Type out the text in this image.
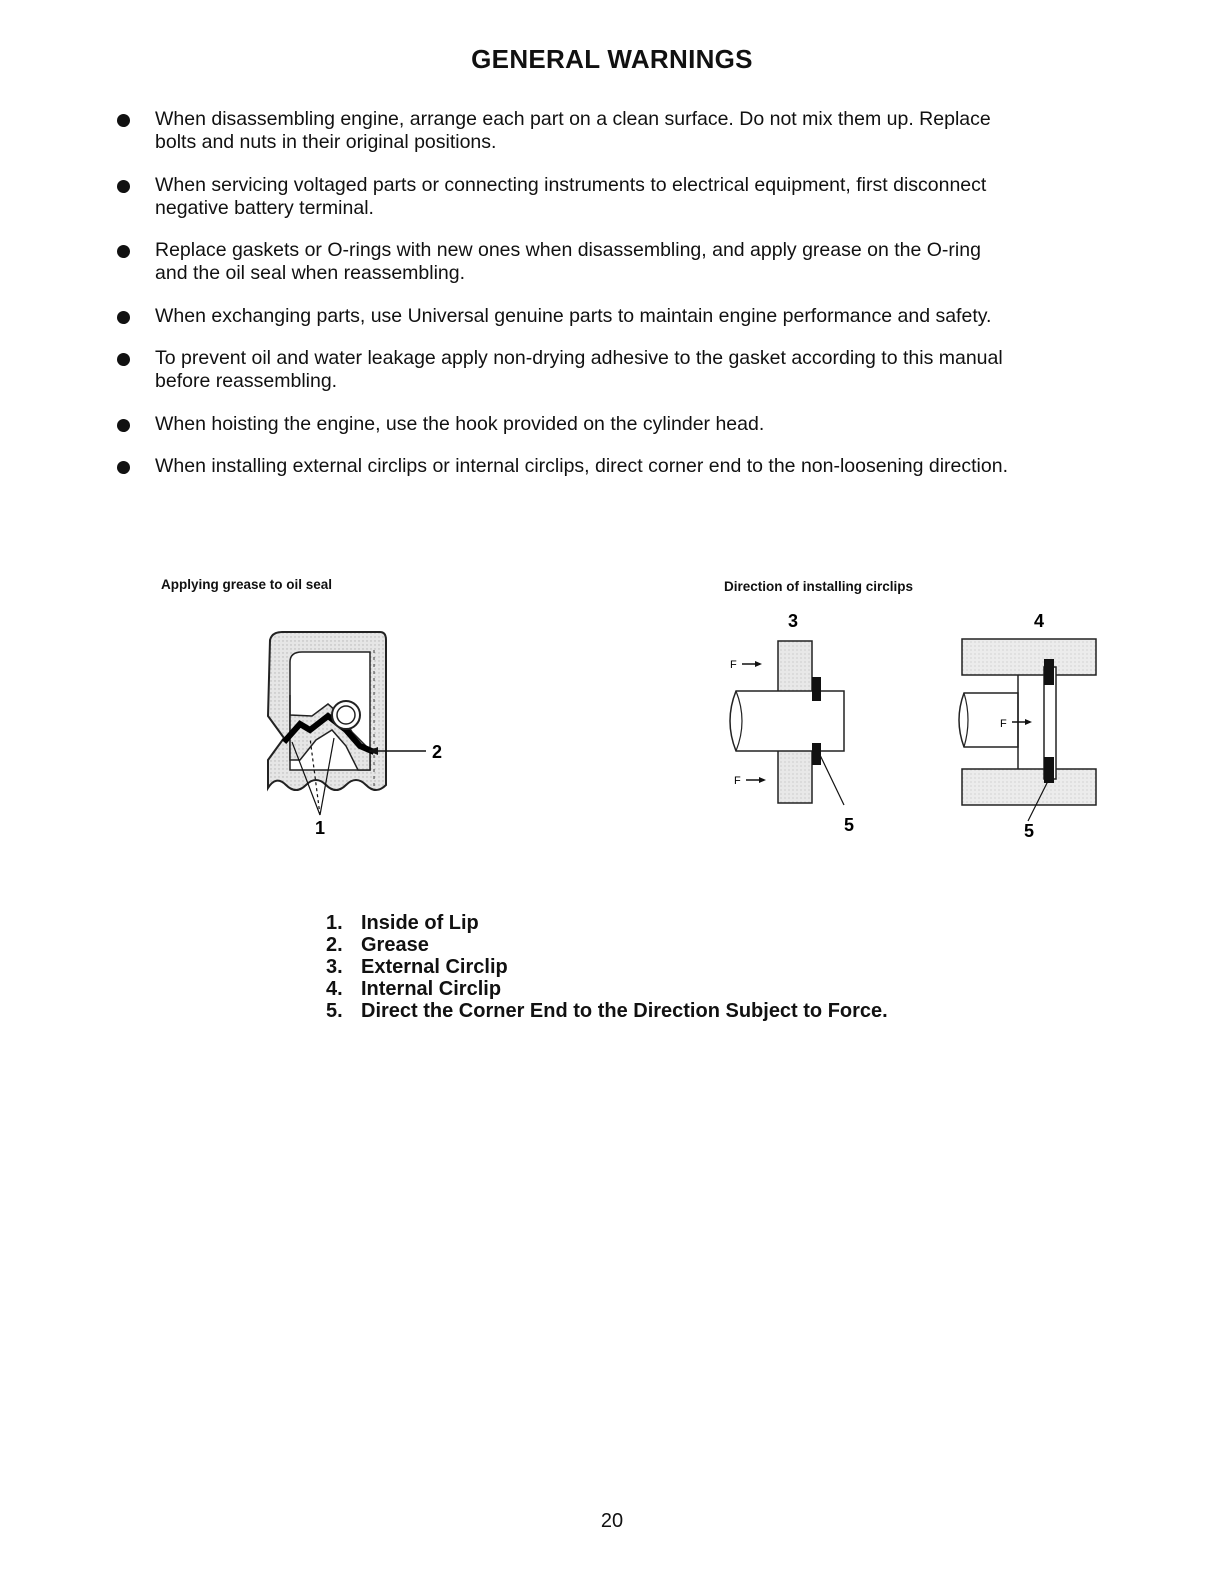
GENERAL WARNINGS
When disassembling engine, arrange each part on a clean surface. Do not mix them up. Replace bolts and nuts in their original positions.
When servicing voltaged parts or connecting instruments to electrical equipment, first disconnect negative battery terminal.
Replace gaskets or O-rings with new ones when disassembling, and apply grease on the O-ring and the oil seal when reassembling.
When exchanging parts, use Universal genuine parts to maintain engine performance and safety.
To prevent oil and water leakage apply non-drying adhesive to the gasket according to this manual before reassembling.
When hoisting the engine, use the hook provided on the cylinder head.
When installing external circlips or internal circlips, direct corner end to the non-loosening direction.
Applying grease to oil seal
2
1
Direction of installing circlips
3
F
F
5
4
F
5
1. Inside of Lip
2. Grease
3. External Circlip
4. Internal Circlip
5. Direct the Corner End to the Direction Subject to Force.
20
